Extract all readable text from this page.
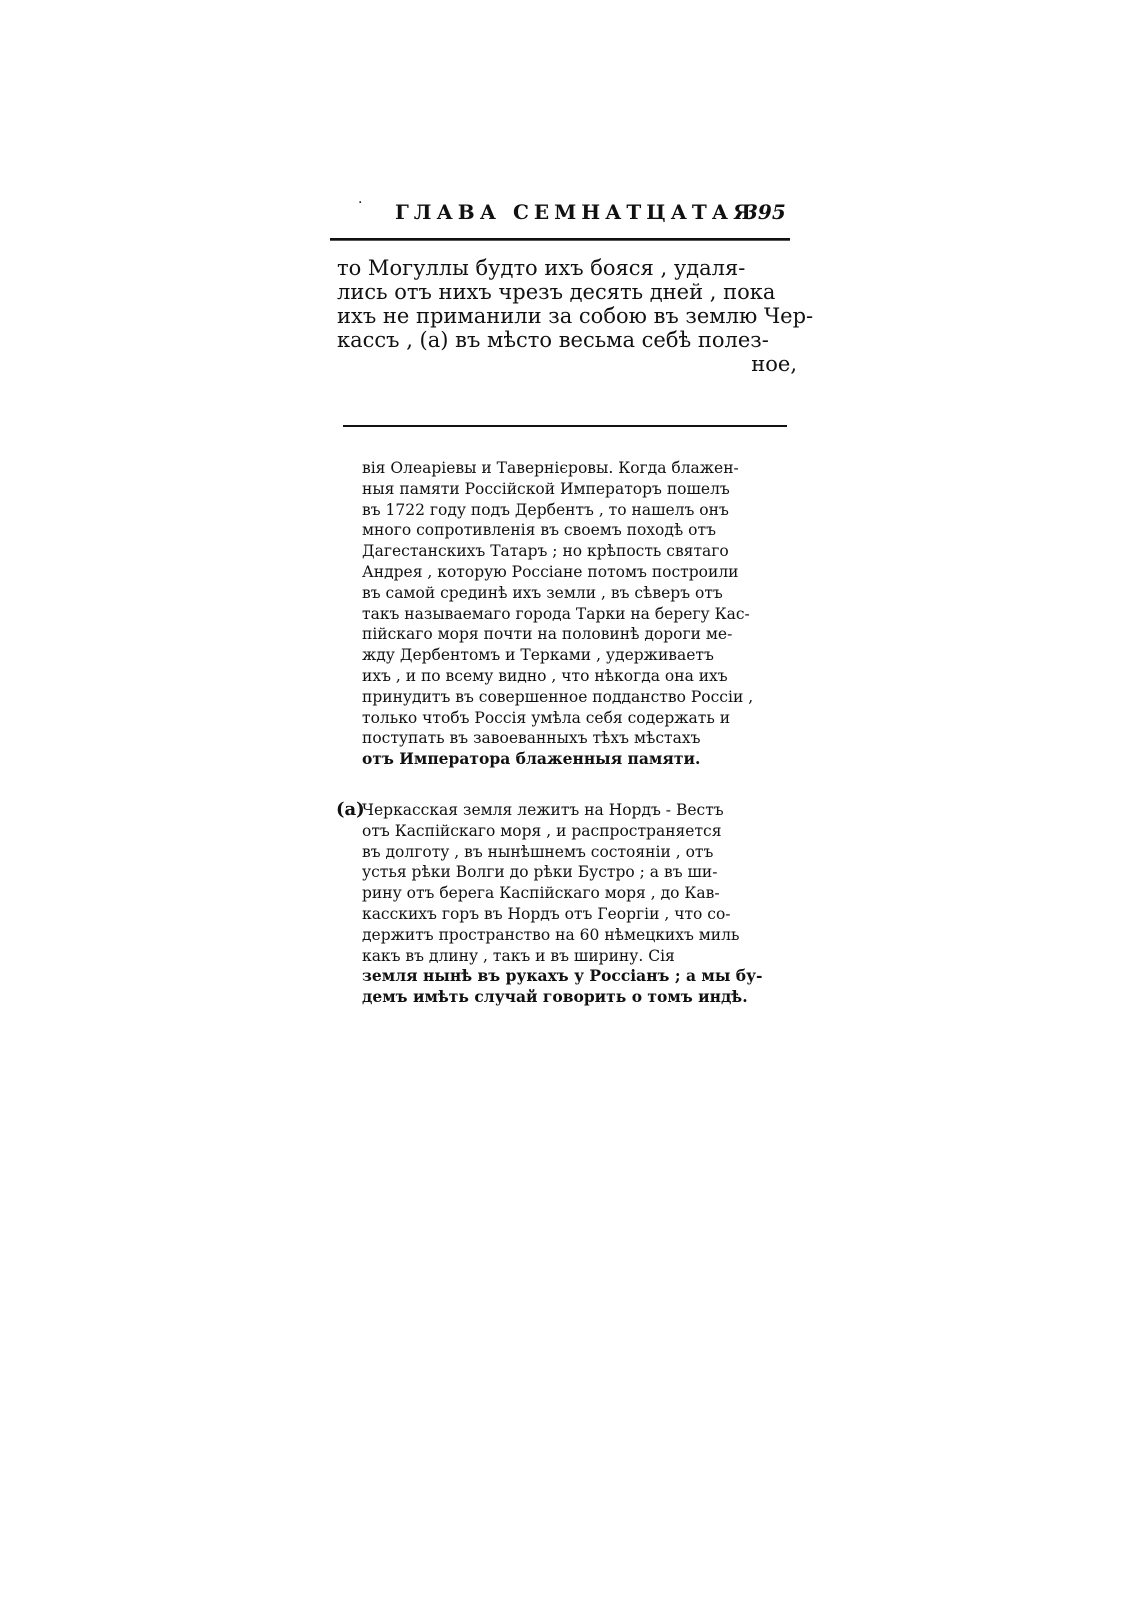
· ГЛАВА СЕМНАТЦАТАЯ
395
то Могуллы будто ихъ бояся , удаля-
лись отъ нихъ чрезъ десять дней , пока
ихъ не приманили за собою въ землю Чер-
кассъ , (a) въ мѣсто весьма себѣ полез-
ное,
вія Олеаріевы и Тавернієровы. Когда блажен-
ныя памяти Россійской Императоръ пошелъ
въ 1722 году подъ Дербентъ , то нашелъ онъ
много сопротивленія въ своемъ походѣ отъ
Дагестанскихъ Татаръ ; но крѣпость святаго
Андрея , которую Россіане потомъ построили
въ самой срединѣ ихъ земли , въ сѣверъ отъ
такъ называемаго города Тарки на берегу Кас-
пійскаго моря почти на половинѣ дороги ме-
жду Дербентомъ и Терками , удерживаетъ
ихъ , и по всему видно , что нѣкогда она ихъ
принудитъ въ совершенное подданство Россіи ,
только чтобъ Россія умѣла себя содержать и
поступать въ завоеванныхъ тѣхъ мѣстахъ
отъ Императора блаженныя памяти.
(a)
Черкасская земля лежитъ на Нордъ - Вестъ
отъ Каспійскаго моря , и распространяется
въ долготу , въ нынѣшнемъ состояніи , отъ
устья рѣки Волги до рѣки Бустро ; а въ ши-
рину отъ берега Каспійскаго моря , до Кав-
касскихъ горъ въ Нордъ отъ Георгіи , что со-
держитъ пространство на 60 нѣмецкихъ миль
какъ въ длину , такъ и въ ширину. Сія
земля нынѣ въ рукахъ у Россіанъ ; а мы бу-
демъ имѣть случай говорить о томъ индѣ.
